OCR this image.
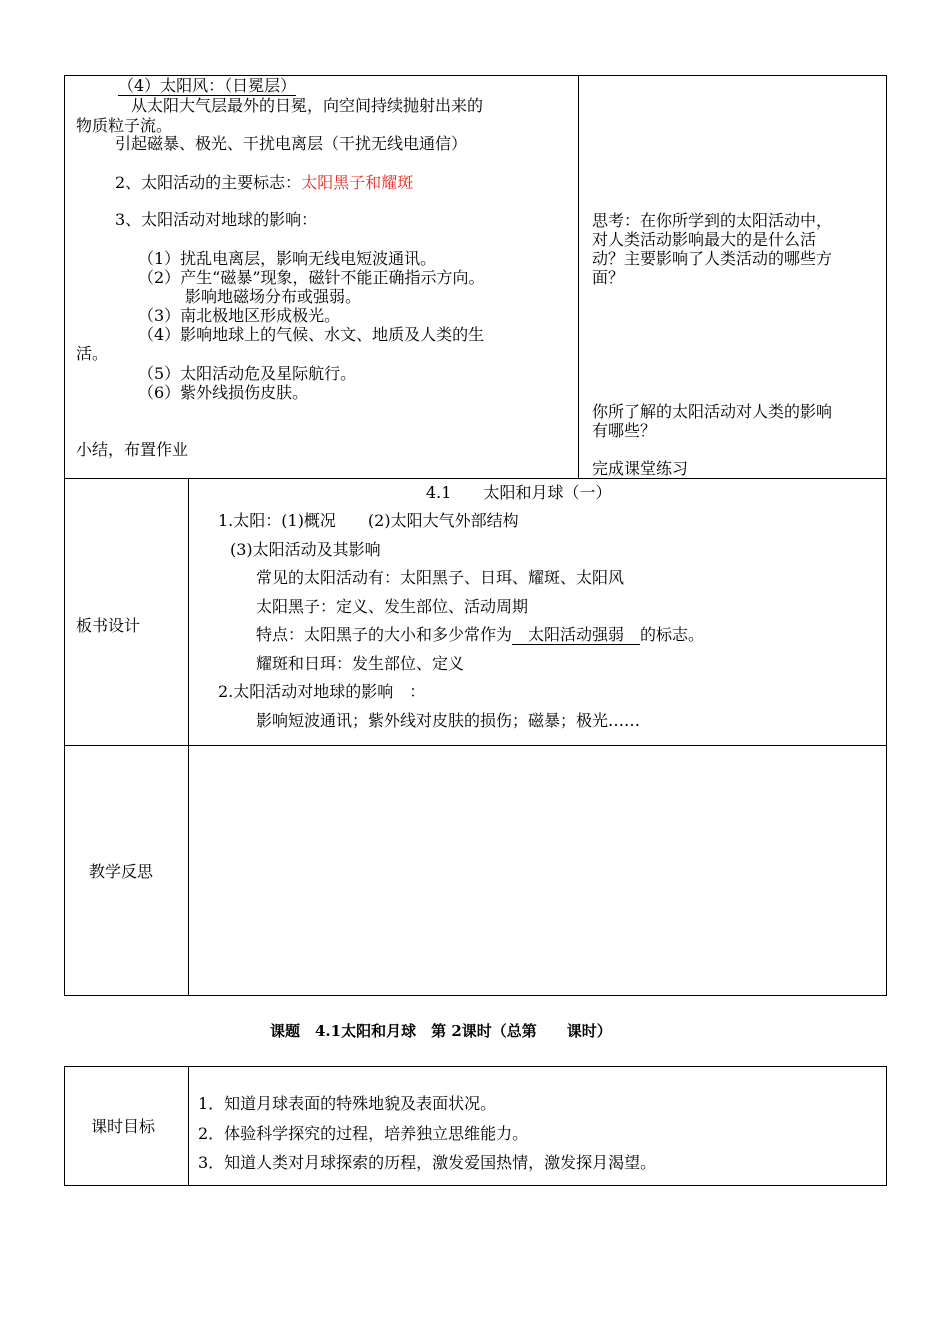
（4）太阳风：（日冕层）
从太阳大气层最外的日冕，向空间持续抛射出来的
物质粒子流。
引起磁暴、极光、干扰电离层（干扰无线电通信）
2、太阳活动的主要标志：太阳黑子和耀斑
3、太阳活动对地球的影响：
（1）扰乱电离层，影响无线电短波通讯。
（2）产生“磁暴”现象，磁针不能正确指示方向。
影响地磁场分布或强弱。
（3）南北极地区形成极光。
（4）影响地球上的气候、水文、地质及人类的生
活。
（5）太阳活动危及星际航行。
（6）紫外线损伤皮肤。
小结，布置作业
思考：在你所学到的太阳活动中，
对人类活动影响最大的是什么活
动？主要影响了人类活动的哪些方
面？
你所了解的太阳活动对人类的影响
有哪些？
完成课堂练习
板书设计
4.1　　太阳和月球（一）
1.太阳：(1)概况　　(2)太阳大气外部结构
(3)太阳活动及其影响
常见的太阳活动有：太阳黑子、日珥、耀斑、太阳风
太阳黑子：定义、发生部位、活动周期
特点：太阳黑子的大小和多少常作为　太阳活动强弱　的标志。
耀斑和日珥：发生部位、定义
2.太阳活动对地球的影响　：
影响短波通讯；紫外线对皮肤的损伤；磁暴；极光……
教学反思
课题　4.1太阳和月球　第 2课时（总第　　课时）
课时目标
1．知道月球表面的特殊地貌及表面状况。
2．体验科学探究的过程，培养独立思维能力。
3．知道人类对月球探索的历程，激发爱国热情，激发探月渴望。
